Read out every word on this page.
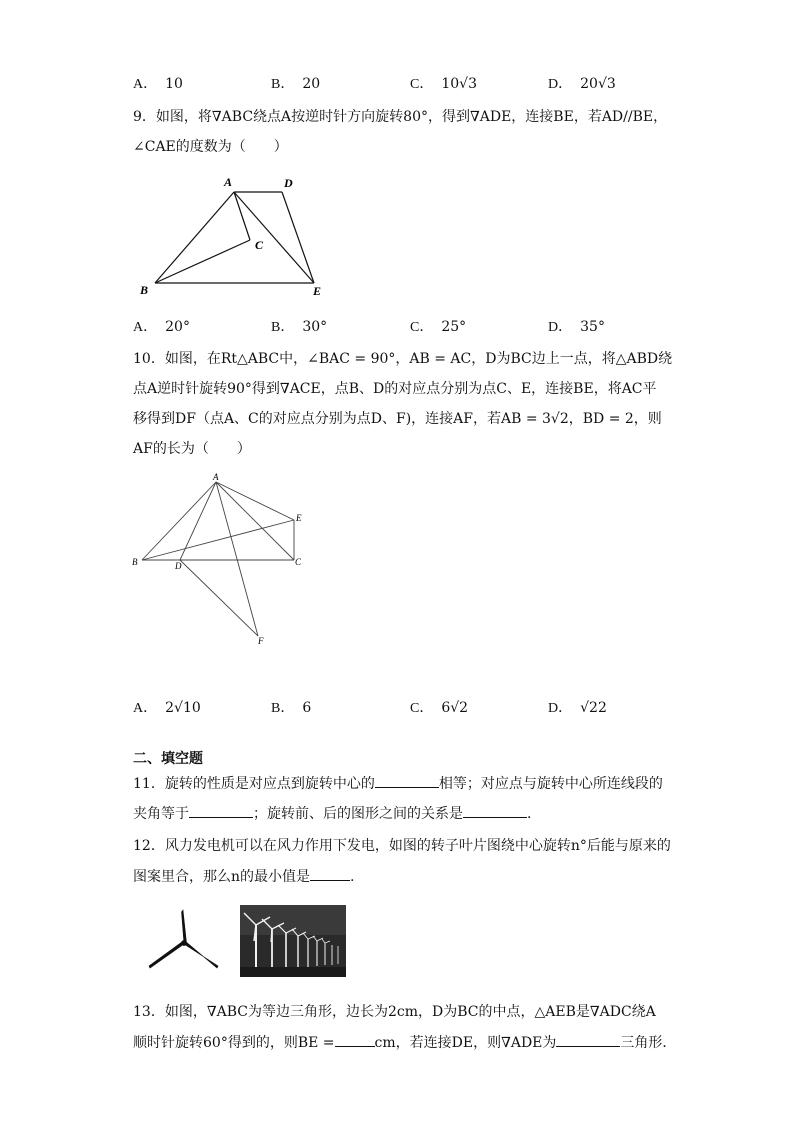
A． 10	B． 20	C． 10√3	D． 20√3
9．如图，将∇ABC绕点A按逆时针方向旋转80°，得到∇ADE，连接BE，若AD//BE，
∠CAE的度数为（　　）
A	D
C
B	E
A． 20°	B． 30°	C． 25°	D． 35°
10．如图，在Rt△ABC中，∠BAC = 90°，AB = AC，D为BC边上一点，将△ABD绕
点A逆时针旋转90°得到∇ACE，点B、D的对应点分别为点C、E，连接BE，将AC平
移得到DF（点A、C的对应点分别为点D、F)，连接AF，若AB = 3√2，BD = 2，则
AF的长为（　　）
A
E
B	D	C
F
A． 2√10	B． 6	C． 6√2	D． √22
二、填空题
11．旋转的性质是对应点到旋转中心的	相等；对应点与旋转中心所连线段的
夹角等于	；旋转前、后的图形之间的关系是	.
12．风力发电机可以在风力作用下发电，如图的转子叶片图绕中心旋转n°后能与原来的
图案里合，那么n的最小值是	.
13．如图，∇ABC为等边三角形，边长为2cm，D为BC的中点，△AEB是∇ADC绕A
顺时针旋转60°得到的，则BE =	cm，若连接DE，则∇ADE为	三角形．
